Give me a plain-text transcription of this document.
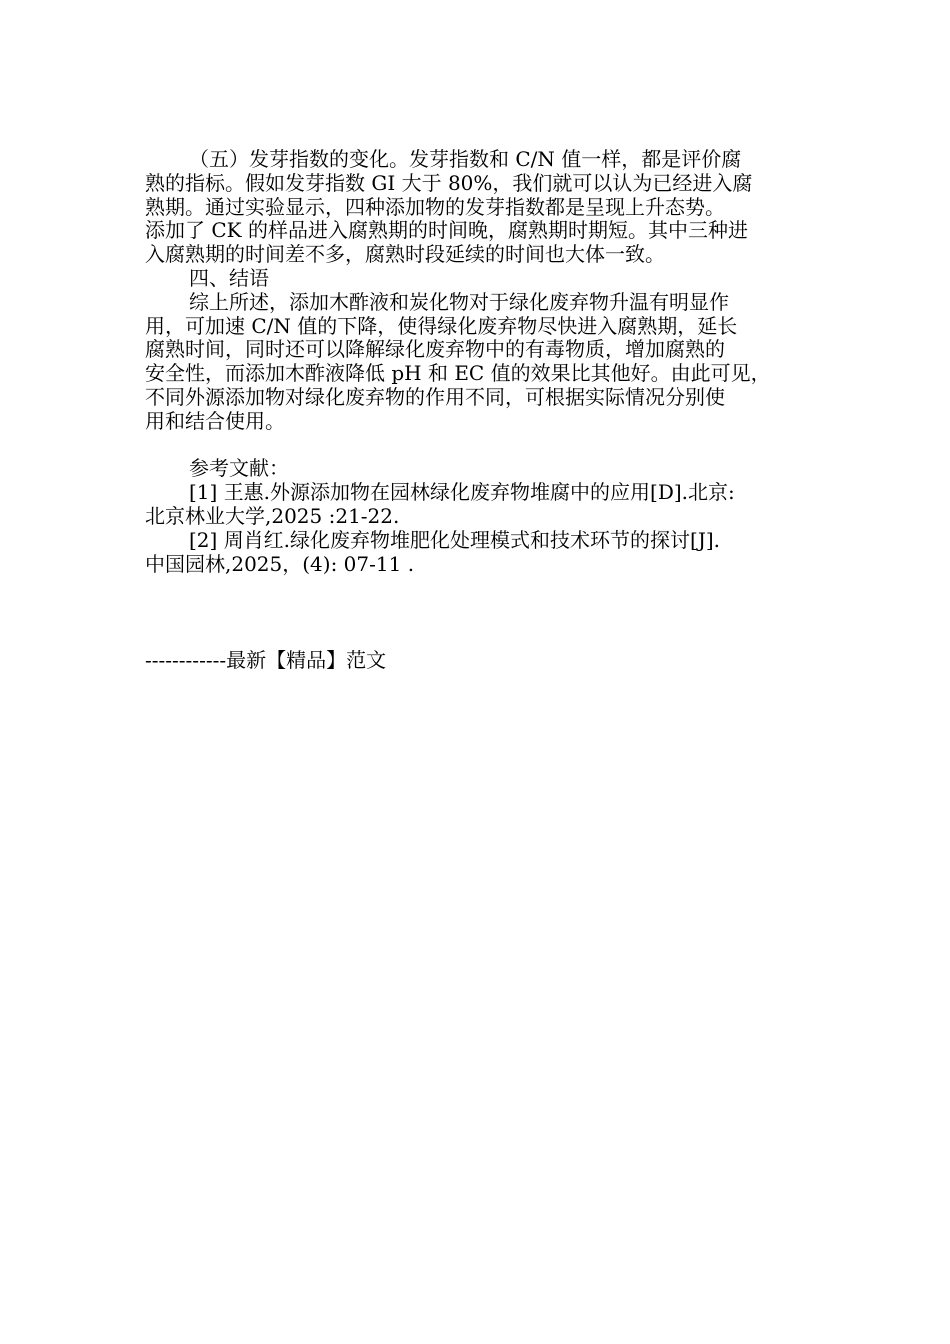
（五）发芽指数的变化。发芽指数和 C/N 值一样，都是评价腐
熟的指标。假如发芽指数 GI 大于 80%，我们就可以认为已经进入腐
熟期。通过实验显示，四种添加物的发芽指数都是呈现上升态势。
添加了 CK 的样品进入腐熟期的时间晚，腐熟期时期短。其中三种进
入腐熟期的时间差不多，腐熟时段延续的时间也大体一致。
四、结语
综上所述，添加木酢液和炭化物对于绿化废弃物升温有明显作
用，可加速 C/N 值的下降，使得绿化废弃物尽快进入腐熟期，延长
腐熟时间，同时还可以降解绿化废弃物中的有毒物质，增加腐熟的
安全性，而添加木酢液降低 pH 和 EC 值的效果比其他好。由此可见，
不同外源添加物对绿化废弃物的作用不同，可根据实际情况分别使
用和结合使用。
参考文献：
[1] 王惠.外源添加物在园林绿化废弃物堆腐中的应用[D].北京:
北京林业大学,2025 :21-22.
[2] 周肖红.绿化废弃物堆肥化处理模式和技术环节的探讨[J].
中国园林,2025，(4): 07-11 .
------------最新【精品】范文
